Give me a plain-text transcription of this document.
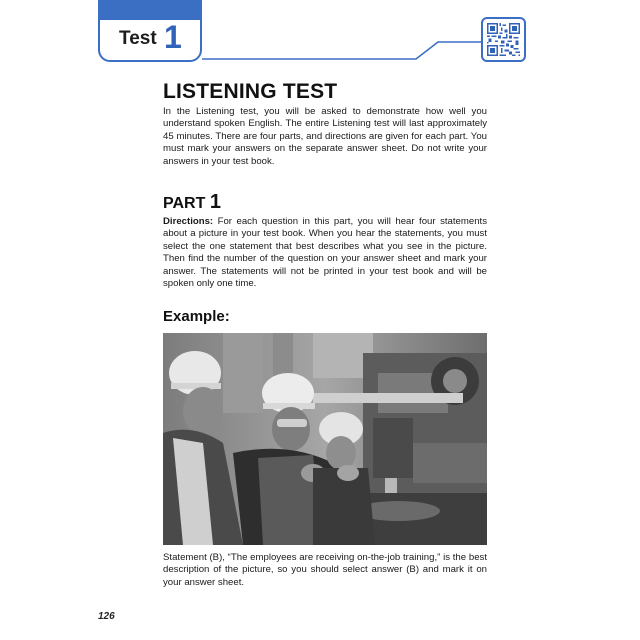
Test 1
LISTENING TEST

In the Listening test, you will be asked to demonstrate how well you understand spoken English. The entire Listening test will last approximately 45 minutes. There are four parts, and directions are given for each part. You must mark your answers on the separate answer sheet. Do not write your answers in your test book.

PART 1

Directions: For each question in this part, you will hear four statements about a picture in your test book. When you hear the statements, you must select the one statement that best describes what you see in the picture. Then find the number of the question on your answer sheet and mark your answer. The statements will not be printed in your test book and will be spoken only one time.

Example:

Statement (B), “The employees are receiving on-the-job training,” is the best description of the picture, so you should select answer (B) and mark it on your answer sheet.

126
